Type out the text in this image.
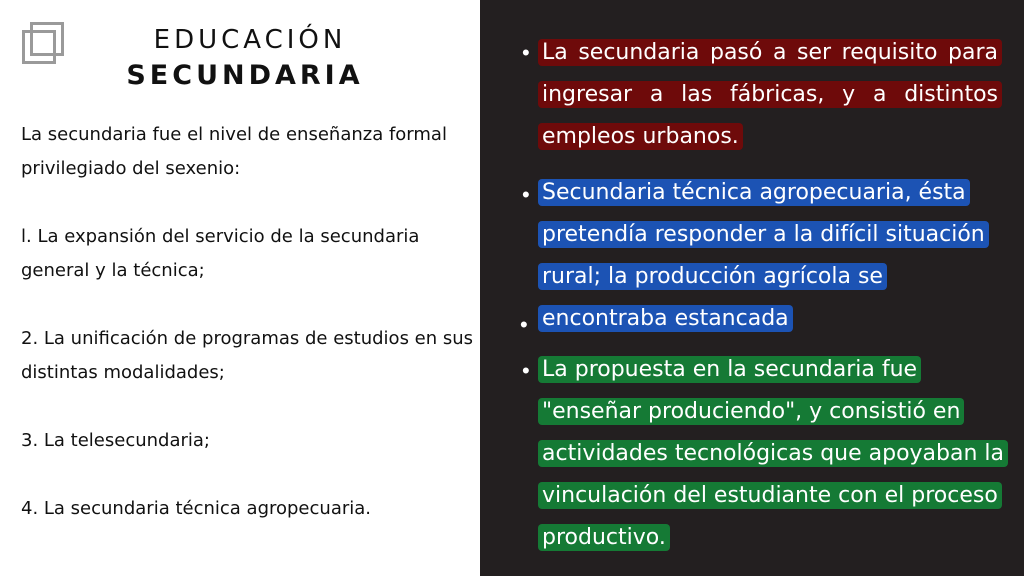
EDUCACIÓN
SECUNDARIA
La secundaria fue el nivel de enseñanza formal privilegiado del sexenio:
l. La expansión del servicio de la secundaria general y la técnica;
2. La unificación de programas de estudios en sus distintas modalidades;
3. La telesecundaria;
4. La secundaria técnica agropecuaria.
• La secundaria pasó a ser requisito para ingresar a las fábricas, y a distintos empleos urbanos.
•
•
Secundaria técnica agropecuaria, ésta pretendía responder a la difícil situación rural; la producción agrícola se encontraba estancada
• La propuesta en la secundaria fue "enseñar produciendo", y consistió en actividades tecnológicas que apoyaban la vinculación del estudiante con el proceso productivo.
